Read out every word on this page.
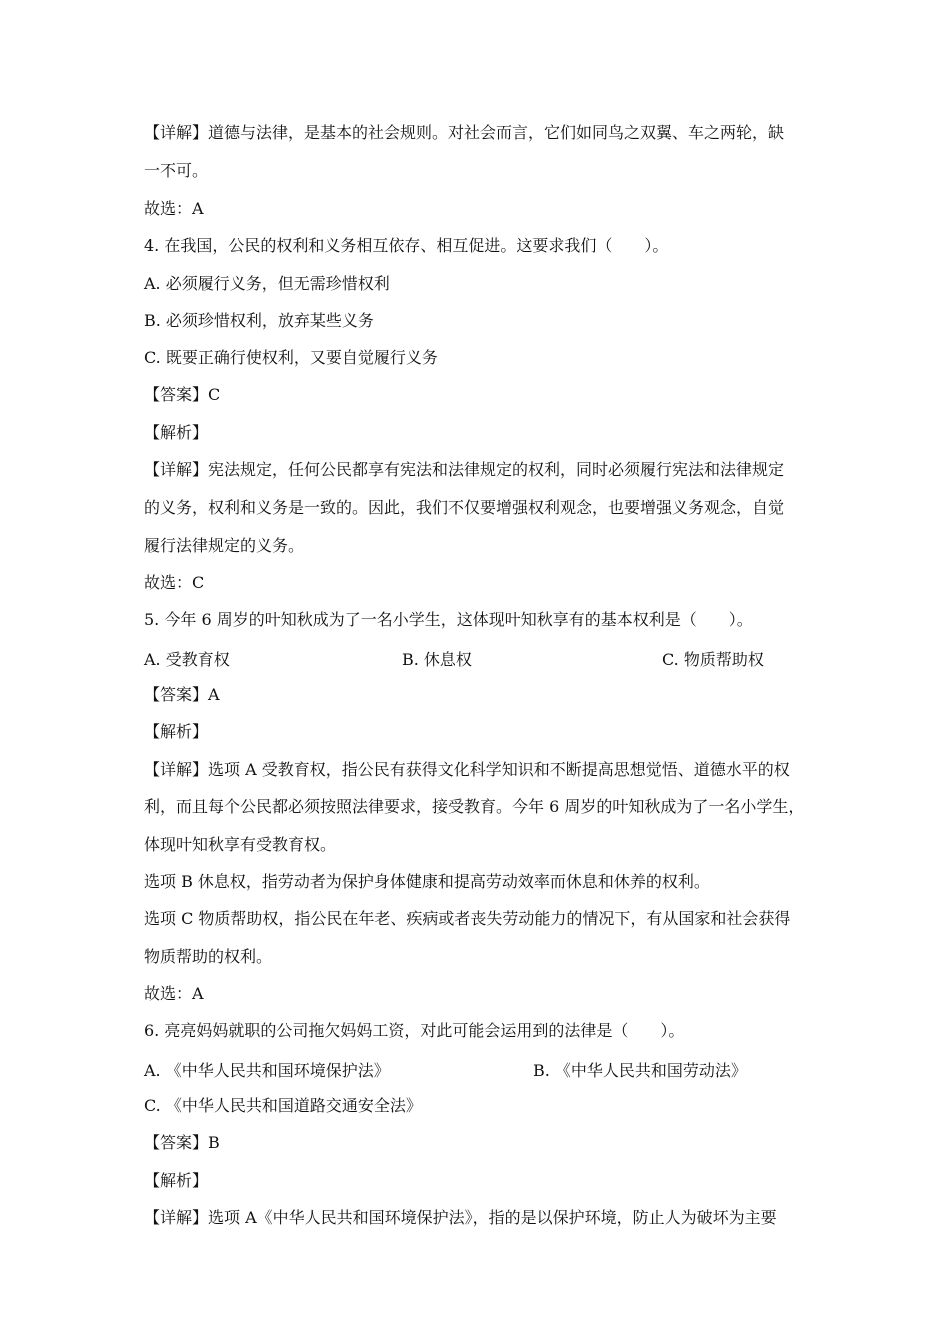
【详解】道德与法律，是基本的社会规则。对社会而言，它们如同鸟之双翼、车之两轮，缺
一不可。
故选：A
4. 在我国，公民的权利和义务相互依存、相互促进。这要求我们（　　）。
A. 必须履行义务，但无需珍惜权利
B. 必须珍惜权利，放弃某些义务
C. 既要正确行使权利，又要自觉履行义务
【答案】C
【解析】
【详解】宪法规定，任何公民都享有宪法和法律规定的权利，同时必须履行宪法和法律规定
的义务，权利和义务是一致的。因此，我们不仅要增强权利观念，也要增强义务观念，自觉
履行法律规定的义务。
故选：C
5. 今年 6 周岁的叶知秋成为了一名小学生，这体现叶知秋享有的基本权利是（　　）。
A. 受教育权	B. 休息权	C. 物质帮助权
【答案】A
【解析】
【详解】选项 A 受教育权，指公民有获得文化科学知识和不断提高思想觉悟、道德水平的权
利，而且每个公民都必须按照法律要求，接受教育。今年 6 周岁的叶知秋成为了一名小学生，
体现叶知秋享有受教育权。
选项 B 休息权，指劳动者为保护身体健康和提高劳动效率而休息和休养的权利。
选项 C 物质帮助权，指公民在年老、疾病或者丧失劳动能力的情况下，有从国家和社会获得
物质帮助的权利。
故选：A
6. 亮亮妈妈就职的公司拖欠妈妈工资，对此可能会运用到的法律是（　　）。
A. 《中华人民共和国环境保护法》	B. 《中华人民共和国劳动法》
C. 《中华人民共和国道路交通安全法》
【答案】B
【解析】
【详解】选项 A《中华人民共和国环境保护法》，指的是以保护环境，防止人为破坏为主要
